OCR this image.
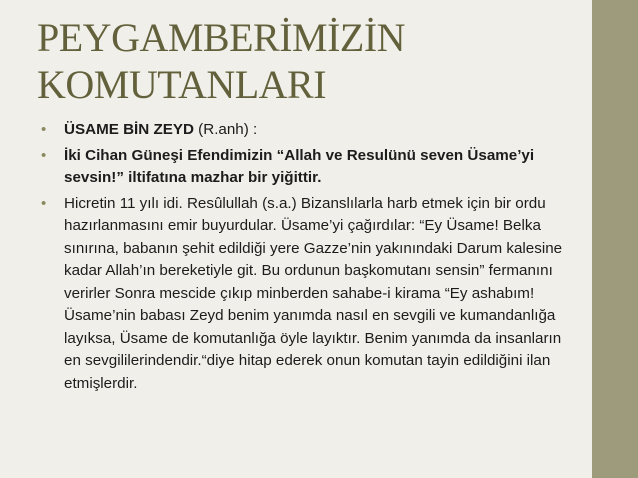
PEYGAMBERİMİZİN
KOMUTANLARI
• ÜSAME BİN ZEYD (R.anh) :
• İki Cihan Güneşi Efendimizin “Allah ve Resulünü seven Üsame’yi sevsin!” iltifatına mazhar bir yiğittir.
• Hicretin 11 yılı idi. Resûlullah (s.a.) Bizanslılarla harb etmek için bir ordu hazırlanmasını emir buyurdular. Üsame’yi çağırdılar: “Ey Üsame! Belka sınırına, babanın şehit edildiği yere Gazze’nin yakınındaki Darum kalesine kadar Allah’ın bereketiyle git. Bu ordunun başkomutanı sensin” fermanını verirler Sonra mescide çıkıp minberden sahabe-i kirama “Ey ashabım! Üsame’nin babası Zeyd benim yanımda nasıl en sevgili ve kumandanlığa layıksa, Üsame de komutanlığa öyle layıktır. Benim yanımda da insanların en sevgililerindendir.“diye hitap ederek onun komutan tayin edildiğini ilan etmişlerdir.
